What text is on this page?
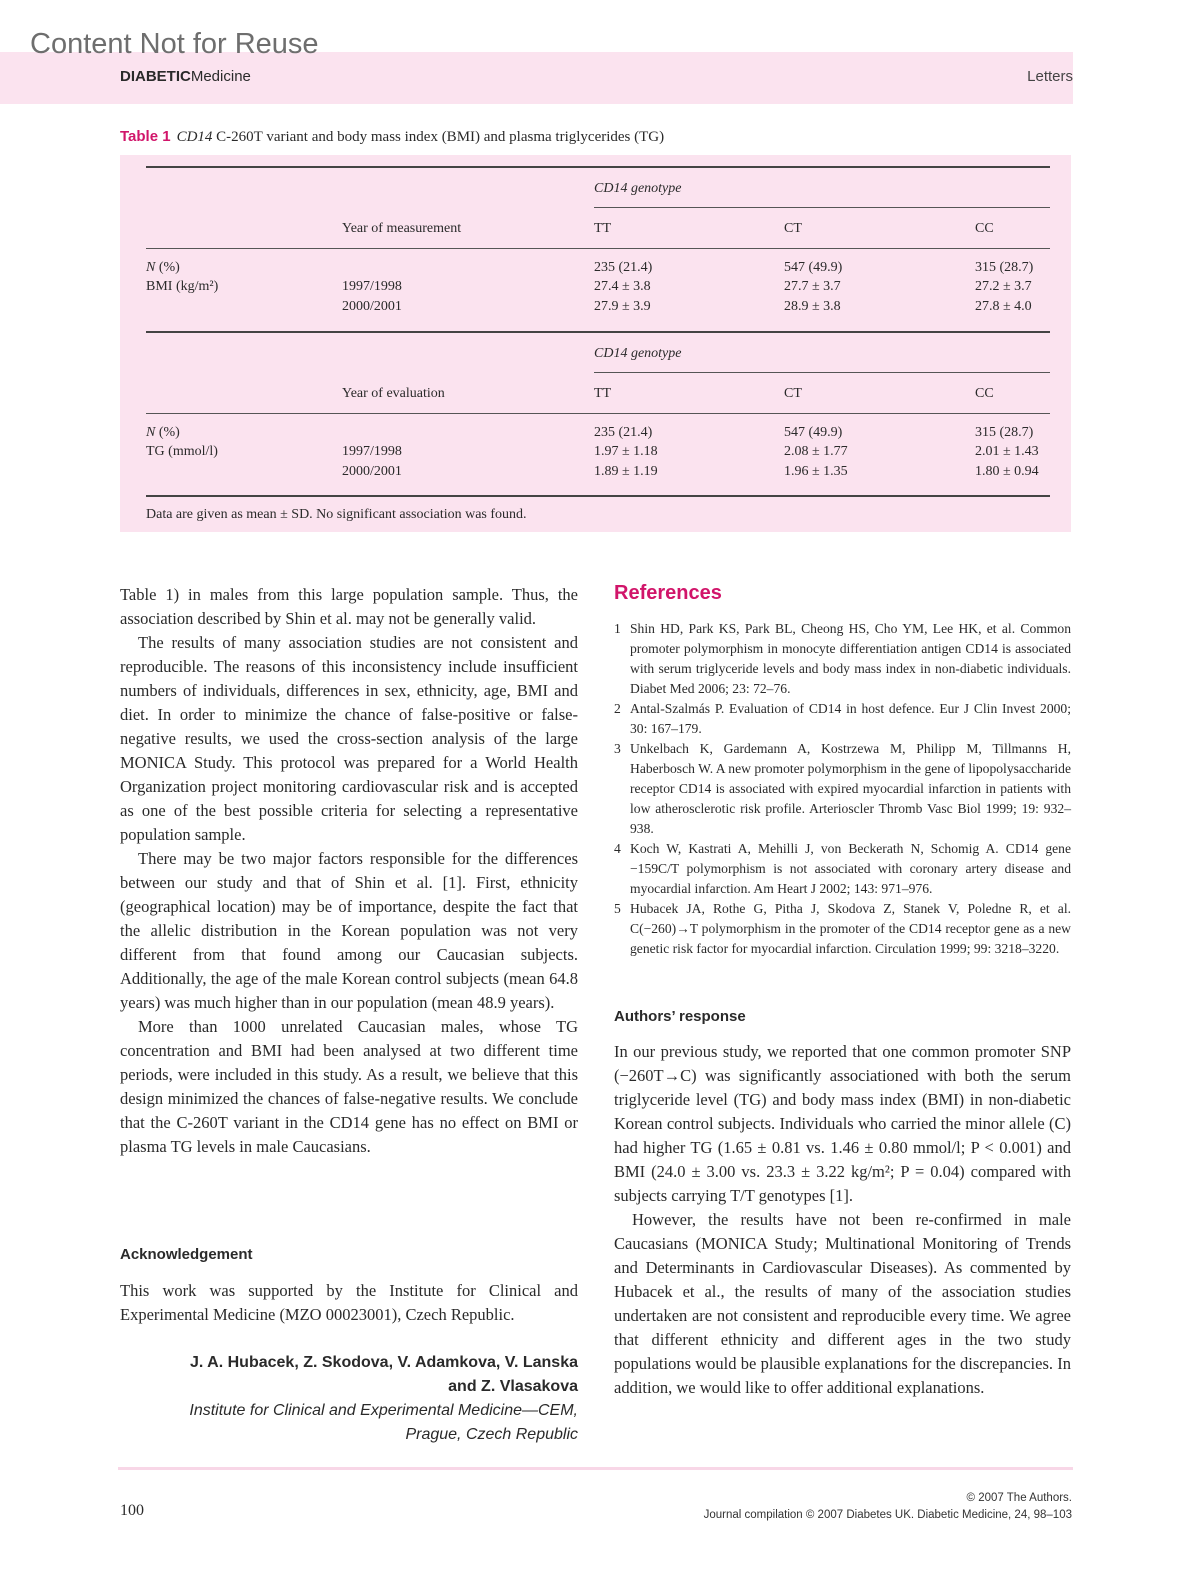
Content Not for Reuse
DIABETICMedicine	Letters
Table 1 CD14 C-260T variant and body mass index (BMI) and plasma triglycerides (TG)
CD14 genotype
Year of measurement	TT	CT	CC
N (%)	235 (21.4)	547 (49.9)	315 (28.7)
BMI (kg/m²)	1997/1998	27.4 ± 3.8	27.7 ± 3.7	27.2 ± 3.7
2000/2001	27.9 ± 3.9	28.9 ± 3.8	27.8 ± 4.0
CD14 genotype
Year of evaluation	TT	CT	CC
N (%)	235 (21.4)	547 (49.9)	315 (28.7)
TG (mmol/l)	1997/1998	1.97 ± 1.18	2.08 ± 1.77	2.01 ± 1.43
2000/2001	1.89 ± 1.19	1.96 ± 1.35	1.80 ± 0.94
Data are given as mean ± SD. No significant association was found.

Table 1) in males from this large population sample. Thus, the association described by Shin et al. may not be generally valid.

The results of many association studies are not consistent and reproducible. The reasons of this inconsistency include insufficient numbers of individuals, differences in sex, ethnicity, age, BMI and diet. In order to minimize the chance of false-positive or false-negative results, we used the cross-section analysis of the large MONICA Study. This protocol was prepared for a World Health Organization project monitoring cardiovascular risk and is accepted as one of the best possible criteria for selecting a representative population sample.

There may be two major factors responsible for the differences between our study and that of Shin et al. [1]. First, ethnicity (geographical location) may be of importance, despite the fact that the allelic distribution in the Korean population was not very different from that found among our Caucasian subjects. Additionally, the age of the male Korean control subjects (mean 64.8 years) was much higher than in our population (mean 48.9 years).

More than 1000 unrelated Caucasian males, whose TG concentration and BMI had been analysed at two different time periods, were included in this study. As a result, we believe that this design minimized the chances of false-negative results. We conclude that the C-260T variant in the CD14 gene has no effect on BMI or plasma TG levels in male Caucasians.

Acknowledgement
This work was supported by the Institute for Clinical and Experimental Medicine (MZO 00023001), Czech Republic.
J. A. Hubacek, Z. Skodova, V. Adamkova, V. Lanska
and Z. Vlasakova
Institute for Clinical and Experimental Medicine—CEM,
Prague, Czech Republic
References
1 Shin HD, Park KS, Park BL, Cheong HS, Cho YM, Lee HK, et al. Common promoter polymorphism in monocyte differentiation antigen CD14 is associated with serum triglyceride levels and body mass index in non-diabetic individuals. Diabet Med 2006; 23: 72–76.
2 Antal-Szalmás P. Evaluation of CD14 in host defence. Eur J Clin Invest 2000; 30: 167–179.
3 Unkelbach K, Gardemann A, Kostrzewa M, Philipp M, Tillmanns H, Haberbosch W. A new promoter polymorphism in the gene of lipopolysaccharide receptor CD14 is associated with expired myocardial infarction in patients with low atherosclerotic risk profile. Arterioscler Thromb Vasc Biol 1999; 19: 932–938.
4 Koch W, Kastrati A, Mehilli J, von Beckerath N, Schomig A. CD14 gene −159C/T polymorphism is not associated with coronary artery disease and myocardial infarction. Am Heart J 2002; 143: 971–976.
5 Hubacek JA, Rothe G, Pitha J, Skodova Z, Stanek V, Poledne R, et al. C(−260)→T polymorphism in the promoter of the CD14 receptor gene as a new genetic risk factor for myocardial infarction. Circulation 1999; 99: 3218–3220.
Authors’ response

In our previous study, we reported that one common promoter SNP (−260T→C) was significantly associationed with both the serum triglyceride level (TG) and body mass index (BMI) in non-diabetic Korean control subjects. Individuals who carried the minor allele (C) had higher TG (1.65 ± 0.81 vs. 1.46 ± 0.80 mmol/l; P < 0.001) and BMI (24.0 ± 3.00 vs. 23.3 ± 3.22 kg/m²; P = 0.04) compared with subjects carrying T/T genotypes [1].

However, the results have not been re-confirmed in male Caucasians (MONICA Study; Multinational Monitoring of Trends and Determinants in Cardiovascular Diseases). As commented by Hubacek et al., the results of many of the association studies undertaken are not consistent and reproducible every time. We agree that different ethnicity and different ages in the two study populations would be plausible explanations for the discrepancies. In addition, we would like to offer additional explanations.

100
© 2007 The Authors.
Journal compilation © 2007 Diabetes UK. Diabetic Medicine, 24, 98–103
